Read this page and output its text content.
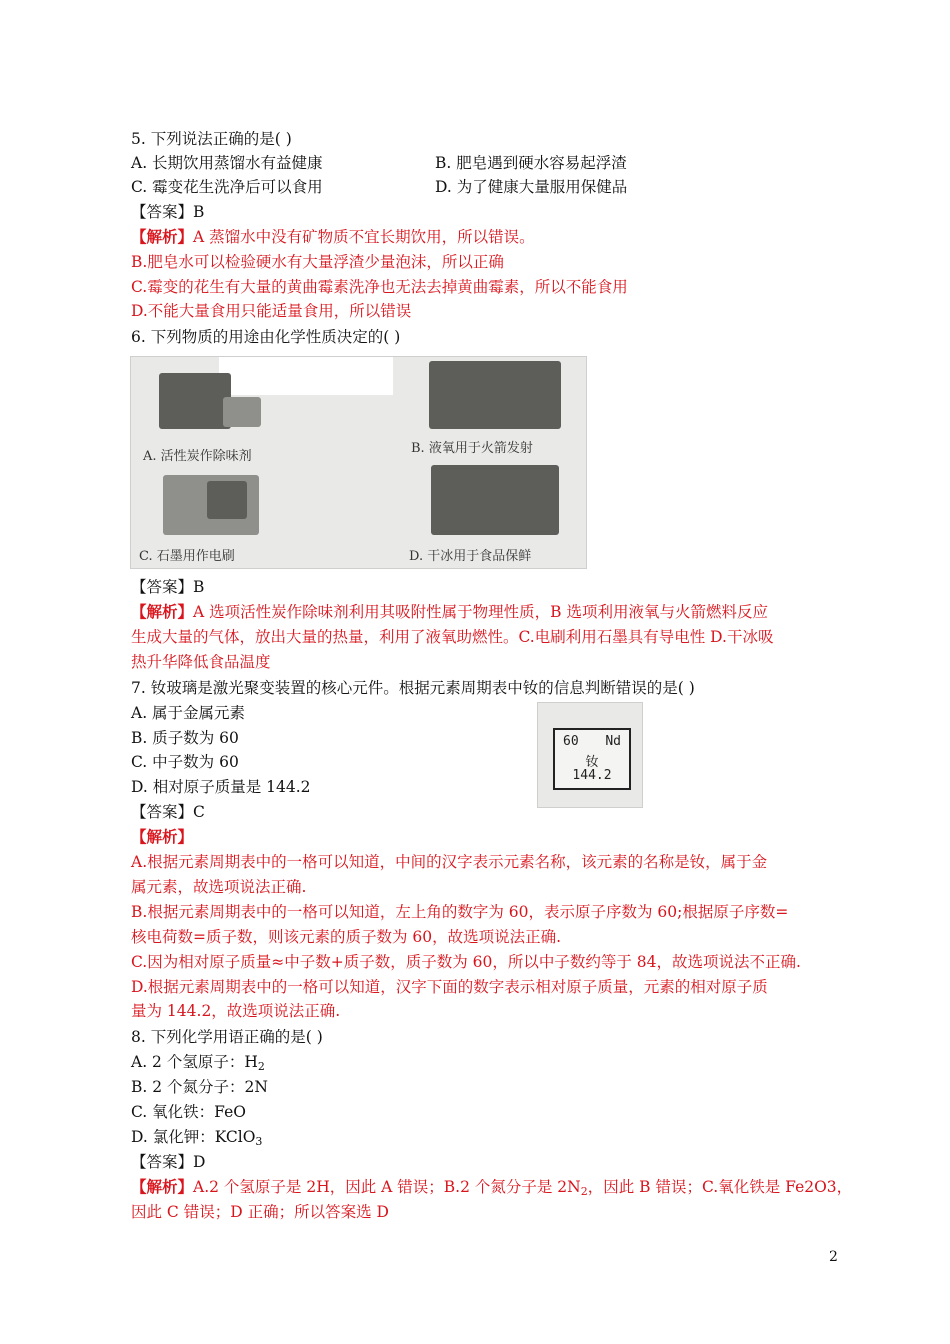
5. 下列说法正确的是( )
A. 长期饮用蒸馏水有益健康	B. 肥皂遇到硬水容易起浮渣
C. 霉变花生洗净后可以食用	D. 为了健康大量服用保健品
【答案】B
【解析】A 蒸馏水中没有矿物质不宜长期饮用，所以错误。
B.肥皂水可以检验硬水有大量浮渣少量泡沫，所以正确
C.霉变的花生有大量的黄曲霉素洗净也无法去掉黄曲霉素，所以不能食用
D.不能大量食用只能适量食用，所以错误
6. 下列物质的用途由化学性质决定的( )
A. 活性炭作除味剂
B. 液氧用于火箭发射
C. 石墨用作电刷	D. 干冰用于食品保鲜
【答案】B
【解析】A 选项活性炭作除味剂利用其吸附性属于物理性质，B 选项利用液氧与火箭燃料反应
生成大量的气体，放出大量的热量，利用了液氧助燃性。C.电刷利用石墨具有导电性 D.干冰吸
热升华降低食品温度
7. 钕玻璃是激光聚变装置的核心元件。根据元素周期表中钕的信息判断错误的是( )
A. 属于金属元素
B. 质子数为 60
C. 中子数为 60
D. 相对原子质量是 144.2
60 Nd
钕
144.2
【答案】C
【解析】
A.根据元素周期表中的一格可以知道，中间的汉字表示元素名称，该元素的名称是钕，属于金
属元素，故选项说法正确.
B.根据元素周期表中的一格可以知道，左上角的数字为 60，表示原子序数为 60;根据原子序数=
核电荷数=质子数，则该元素的质子数为 60，故选项说法正确.
C.因为相对原子质量≈中子数+质子数，质子数为 60，所以中子数约等于 84，故选项说法不正确.
D.根据元素周期表中的一格可以知道，汉字下面的数字表示相对原子质量，元素的相对原子质
量为 144.2，故选项说法正确.
8. 下列化学用语正确的是( )
A. 2 个氢原子：$H_2$
B. 2 个氮分子：2N
C. 氧化铁：FeO
D. 氯化钾：KClO$_3$
【答案】D
【解析】A.2 个氢原子是 2H，因此 A 错误；B.2 个氮分子是 $2N_2$，因此 B 错误；C.氧化铁是 Fe2O3，
因此 C 错误；D 正确；所以答案选 D
2
